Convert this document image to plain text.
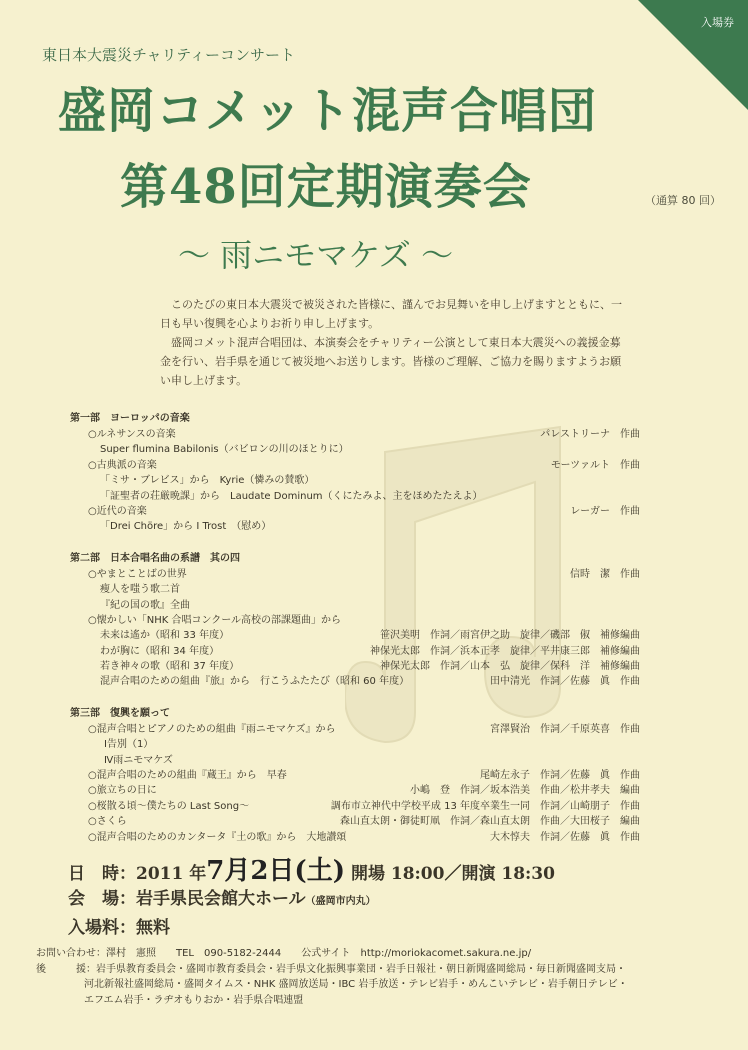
入場券
東日本大震災チャリティーコンサート
盛岡コメット混声合唱団
第48回定期演奏会	（通算 80 回）
〜 雨ニモマケズ 〜

このたびの東日本大震災で被災された皆様に、謹んでお見舞いを申し上げますとともに、一日も早い復興を心よりお祈り申し上げます。

盛岡コメット混声合唱団は、本演奏会をチャリティー公演として東日本大震災への義援金募金を行い、岩手県を通じて被災地へお送りします。皆様のご理解、ご協力を賜りますようお願い申し上げます。

第一部　ヨーロッパの音楽
○ルネサンスの音楽	パレストリーナ　作曲
Super flumina Babilonis（バビロンの川のほとりに）
○古典派の音楽	モーツァルト　作曲
「ミサ・ブレビス」から　Kyrie（憐みの賛歌）
「証聖者の荘厳晩課」から　Laudate Dominum（くにたみよ、主をほめたたえよ）
○近代の音楽	レーガー　作曲
「Drei Chöre」から I Trost　（慰め）
第二部　日本合唱名曲の系譜　其の四
○やまとことばの世界	信時　潔　作曲
痩人を嗤う歌二首
『紀の国の歌』全曲
○懐かしい「NHK 合唱コンクール高校の部課題曲」から
未来は遙か（昭和 33 年度）	笹沢美明　作詞／雨宮伊之助　旋律／磯部　俶　補修編曲
わが胸に（昭和 34 年度）	神保光太郎　作詞／浜本正孝　旋律／平井康三郎　補修編曲
若き神々の歌（昭和 37 年度）	神保光太郎　作詞／山本　弘　旋律／保科　洋　補修編曲
混声合唱のための組曲『旅』から　行こうふたたび（昭和 60 年度）	田中清光　作詞／佐藤　眞　作曲
第三部　復興を願って
○混声合唱とピアノのための組曲『雨ニモマケズ』から	宮澤賢治　作詞／千原英喜　作曲
Ⅰ告別（1）
Ⅳ雨ニモマケズ
○混声合唱のための組曲『蔵王』から　早春	尾崎左永子　作詞／佐藤　眞　作曲
○旅立ちの日に	小嶋　登　作詞／坂本浩美　作曲／松井孝夫　編曲
○桜散る頃〜僕たちの Last Song〜	調布市立神代中学校平成 13 年度卒業生一同　作詞／山崎朋子　作曲
○さくら	森山直太朗・御徒町凧　作詞／森山直太朗　作曲／大田桜子　編曲
○混声合唱のためのカンタータ『土の歌』から　大地讃頌	大木惇夫　作詞／佐藤　眞　作曲
日　時：2011 年7月2日(土) 開場 18:00／開演 18:30
会　場：岩手県民会館大ホール（盛岡市内丸）
入場料：無料
お問い合わせ：澤村　憲照　　TEL　090-5182-2444　　公式サイト　http://moriokacomet.sakura.ne.jp/
後　　　援：岩手県教育委員会・盛岡市教育委員会・岩手県文化振興事業団・岩手日報社・朝日新聞盛岡総局・毎日新聞盛岡支局・
河北新報社盛岡総局・盛岡タイムス・NHK 盛岡放送局・IBC 岩手放送・テレビ岩手・めんこいテレビ・岩手朝日テレビ・
エフエム岩手・ラヂオもりおか・岩手県合唱連盟
